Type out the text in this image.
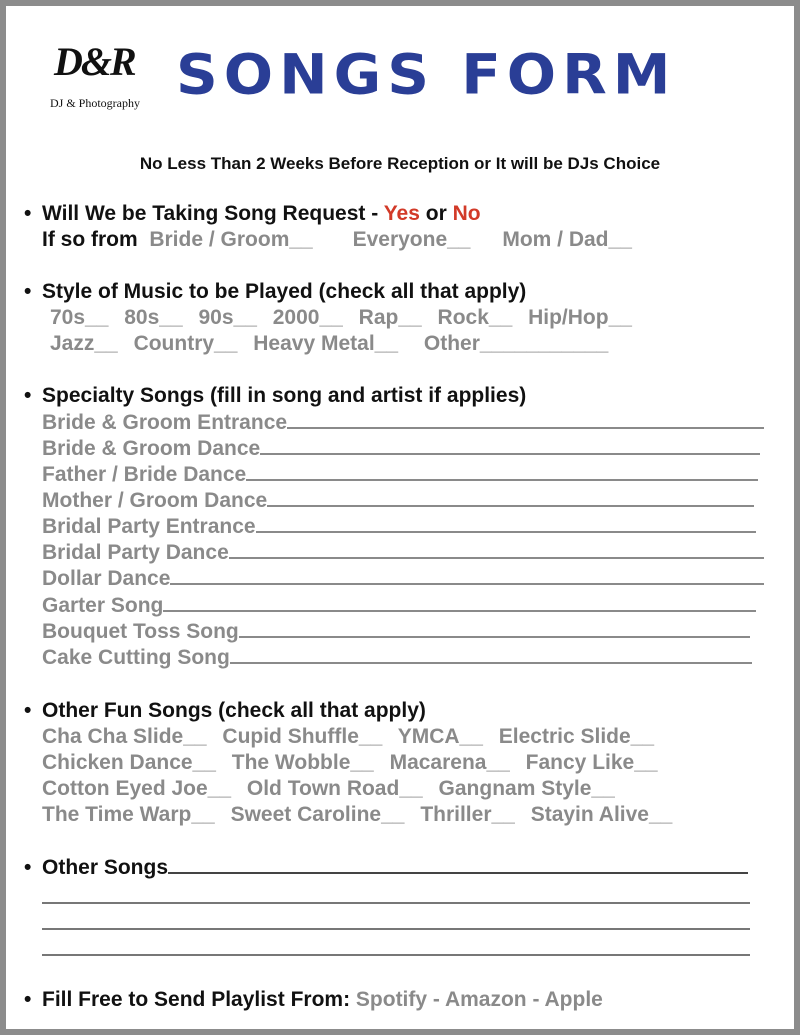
D&R
DJ & Photography SONGS FORM
No Less Than 2 Weeks Before Reception or It will be DJs Choice
• Will We be Taking Song Request - Yes or No
If so from Bride / Groom__ Everyone__ Mom / Dad__
• Style of Music to be Played (check all that apply)
70s__ 80s__ 90s__ 2000__ Rap__ Rock__ Hip/Hop__
Jazz__ Country__ Heavy Metal__ Other___________
• Specialty Songs (fill in song and artist if applies)
Bride & Groom Entrance
Bride & Groom Dance
Father / Bride Dance
Mother / Groom Dance
Bridal Party Entrance
Bridal Party Dance
Dollar Dance
Garter Song
Bouquet Toss Song
Cake Cutting Song
• Other Fun Songs (check all that apply)
Cha Cha Slide__ Cupid Shuffle__ YMCA__ Electric Slide__
Chicken Dance__ The Wobble__ Macarena__ Fancy Like__
Cotton Eyed Joe__ Old Town Road__ Gangnam Style__
The Time Warp__ Sweet Caroline__ Thriller__ Stayin Alive__
• Other Songs
• Fill Free to Send Playlist From: Spotify - Amazon - Apple
